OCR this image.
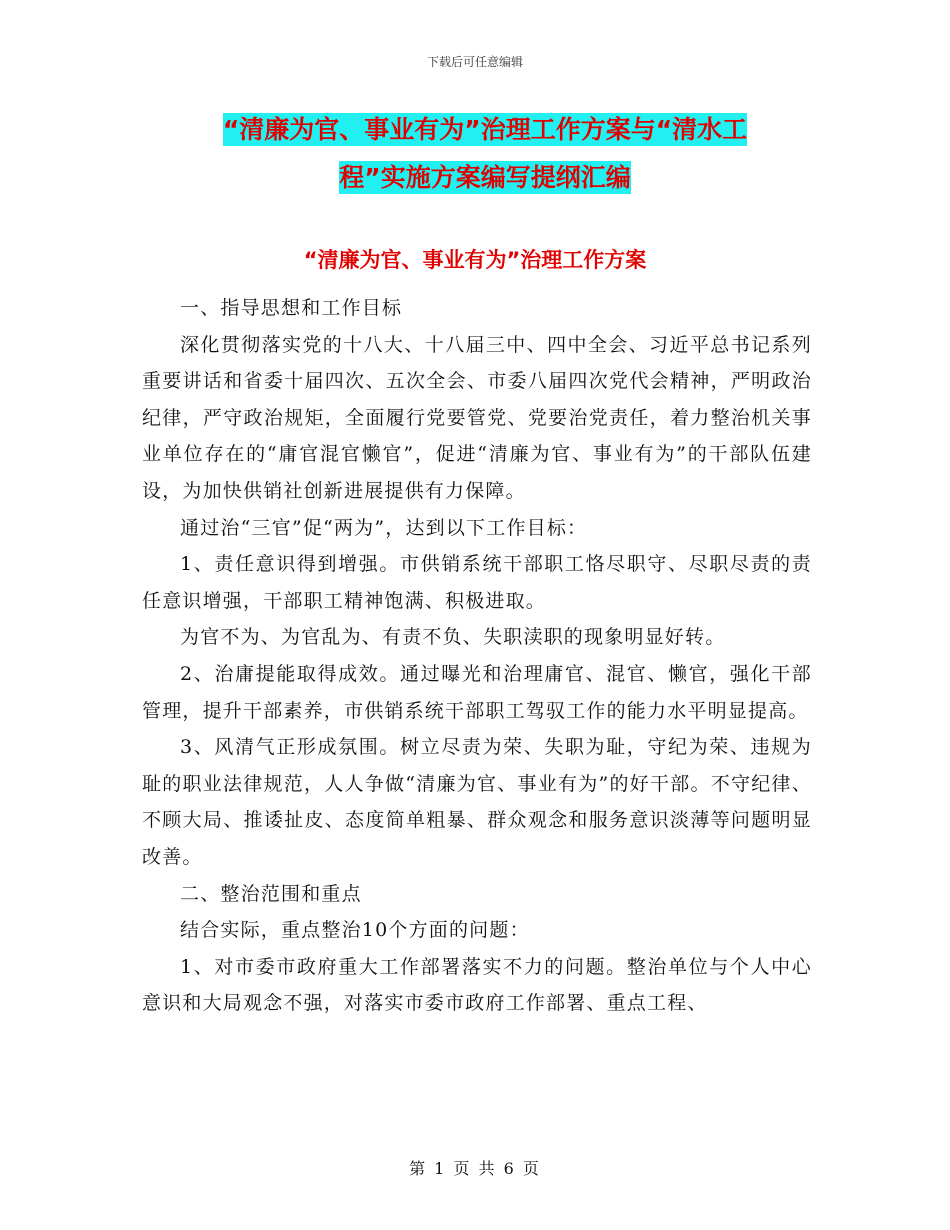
下载后可任意编辑
“清廉为官、事业有为”治理工作方案与“清水工
程”实施方案编写提纲汇编
“清廉为官、事业有为”治理工作方案

一、指导思想和工作目标

深化贯彻落实党的十八大、十八届三中、四中全会、习近平总书记系列重要讲话和省委十届四次、五次全会、市委八届四次党代会精神，严明政治纪律，严守政治规矩，全面履行党要管党、党要治党责任，着力整治机关事业单位存在的“庸官混官懒官”，促进“清廉为官、事业有为”的干部队伍建设，为加快供销社创新进展提供有力保障。

通过治“三官”促“两为”，达到以下工作目标：

1、责任意识得到增强。市供销系统干部职工恪尽职守、尽职尽责的责任意识增强，干部职工精神饱满、积极进取。

为官不为、为官乱为、有责不负、失职渎职的现象明显好转。

2、治庸提能取得成效。通过曝光和治理庸官、混官、懒官，强化干部管理，提升干部素养，市供销系统干部职工驾驭工作的能力水平明显提高。

3、风清气正形成氛围。树立尽责为荣、失职为耻，守纪为荣、违规为耻的职业法律规范，人人争做“清廉为官、事业有为”的好干部。不守纪律、不顾大局、推诿扯皮、态度简单粗暴、群众观念和服务意识淡薄等问题明显改善。

二、整治范围和重点

结合实际，重点整治10个方面的问题：

1、对市委市政府重大工作部署落实不力的问题。整治单位与个人中心意识和大局观念不强，对落实市委市政府工作部署、重点工程、

第 1 页 共 6 页
